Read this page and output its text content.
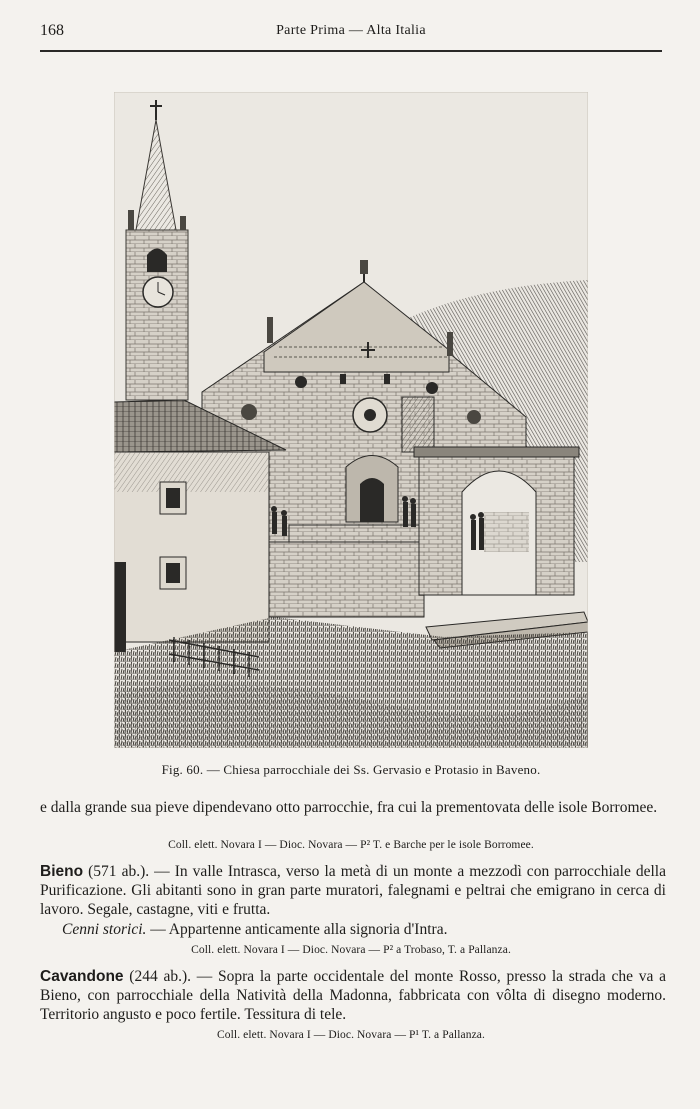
168	Parte Prima — Alta Italia
Fig. 60. — Chiesa parrocchiale dei Ss. Gervasio e Protasio in Baveno.
e dalla grande sua pieve dipendevano otto parrocchie, fra cui la prementovata delle isole Borromee.
Coll. elett. Novara I — Dioc. Novara — P² T. e Barche per le isole Borromee.
Bieno (571 ab.). — In valle Intrasca, verso la metà di un monte a mezzodì con parrocchiale della Purificazione. Gli abitanti sono in gran parte muratori, falegnami e peltrai che emigrano in cerca di lavoro. Segale, castagne, viti e frutta.
Cenni storici. — Appartenne anticamente alla signoria d'Intra.
Coll. elett. Novara I — Dioc. Novara — P² a Trobaso, T. a Pallanza.
Cavandone (244 ab.). — Sopra la parte occidentale del monte Rosso, presso la strada che va a Bieno, con parrocchiale della Natività della Madonna, fabbricata con vôlta di disegno moderno. Territorio angusto e poco fertile. Tessitura di tele.
Coll. elett. Novara I — Dioc. Novara — P¹ T. a Pallanza.
